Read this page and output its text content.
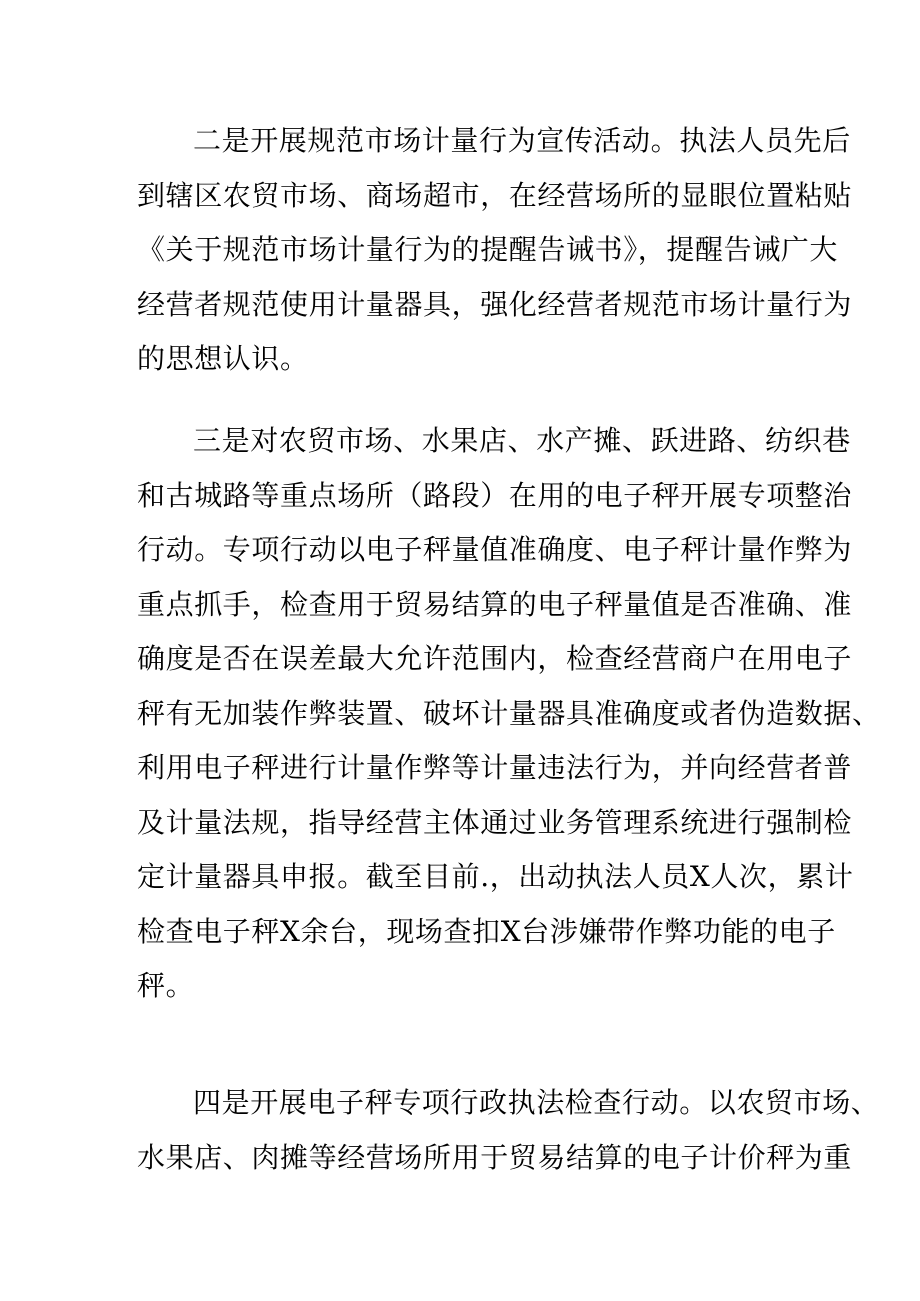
二是开展规范市场计量行为宣传活动。执法人员先后
到辖区农贸市场、商场超市，在经营场所的显眼位置粘贴
《关于规范市场计量行为的提醒告诫书》，提醒告诫广大
经营者规范使用计量器具，强化经营者规范市场计量行为
的思想认识。

三是对农贸市场、水果店、水产摊、跃进路、纺织巷
和古城路等重点场所（路段）在用的电子秤开展专项整治
行动。专项行动以电子秤量值准确度、电子秤计量作弊为
重点抓手，检查用于贸易结算的电子秤量值是否准确、准
确度是否在误差最大允许范围内，检查经营商户在用电子
秤有无加装作弊装置、破坏计量器具准确度或者伪造数据、
利用电子秤进行计量作弊等计量违法行为，并向经营者普
及计量法规，指导经营主体通过业务管理系统进行强制检
定计量器具申报。截至目前.，出动执法人员X人次，累计
检查电子秤X余台，现场查扣X台涉嫌带作弊功能的电子
秤。

四是开展电子秤专项行政执法检查行动。以农贸市场、
水果店、肉摊等经营场所用于贸易结算的电子计价秤为重
